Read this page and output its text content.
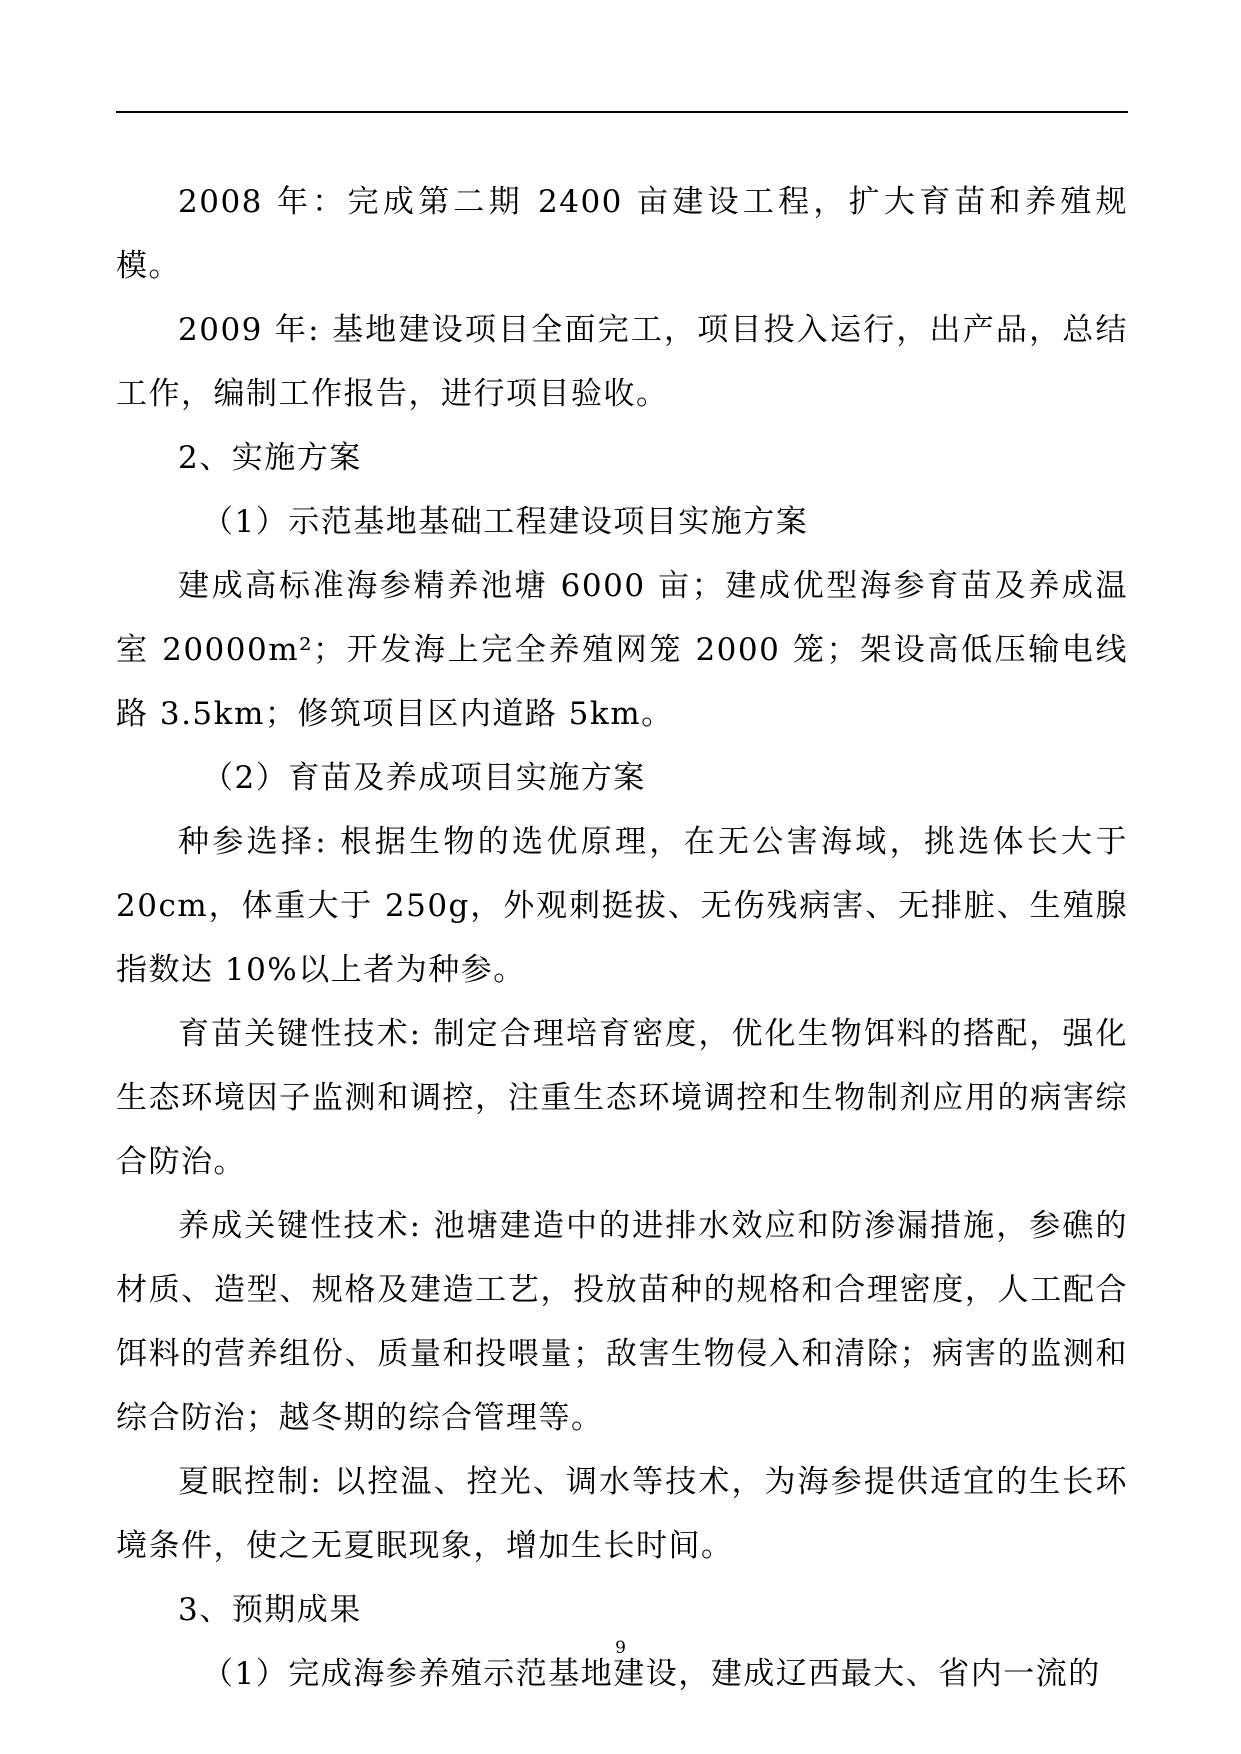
2008 年：完成第二期 2400 亩建设工程，扩大育苗和养殖规模。

2009 年: 基地建设项目全面完工，项目投入运行，出产品，总结工作，编制工作报告，进行项目验收。

2、实施方案

（1）示范基地基础工程建设项目实施方案

建成高标准海参精养池塘 6000 亩；建成优型海参育苗及养成温室 20000m²；开发海上完全养殖网笼 2000 笼；架设高低压输电线路 3.5km；修筑项目区内道路 5km。

（2）育苗及养成项目实施方案

种参选择: 根据生物的选优原理，在无公害海域，挑选体长大于 20cm，体重大于 250g，外观刺挺拔、无伤残病害、无排脏、生殖腺指数达 10%以上者为种参。

育苗关键性技术: 制定合理培育密度，优化生物饵料的搭配，强化生态环境因子监测和调控，注重生态环境调控和生物制剂应用的病害综合防治。

养成关键性技术: 池塘建造中的进排水效应和防渗漏措施，参礁的材质、造型、规格及建造工艺，投放苗种的规格和合理密度，人工配合饵料的营养组份、质量和投喂量；敌害生物侵入和清除；病害的监测和综合防治；越冬期的综合管理等。

夏眠控制: 以控温、控光、调水等技术，为海参提供适宜的生长环境条件，使之无夏眠现象，增加生长时间。

3、预期成果

（1）完成海参养殖示范基地建设，建成辽西最大、省内一流的

9
